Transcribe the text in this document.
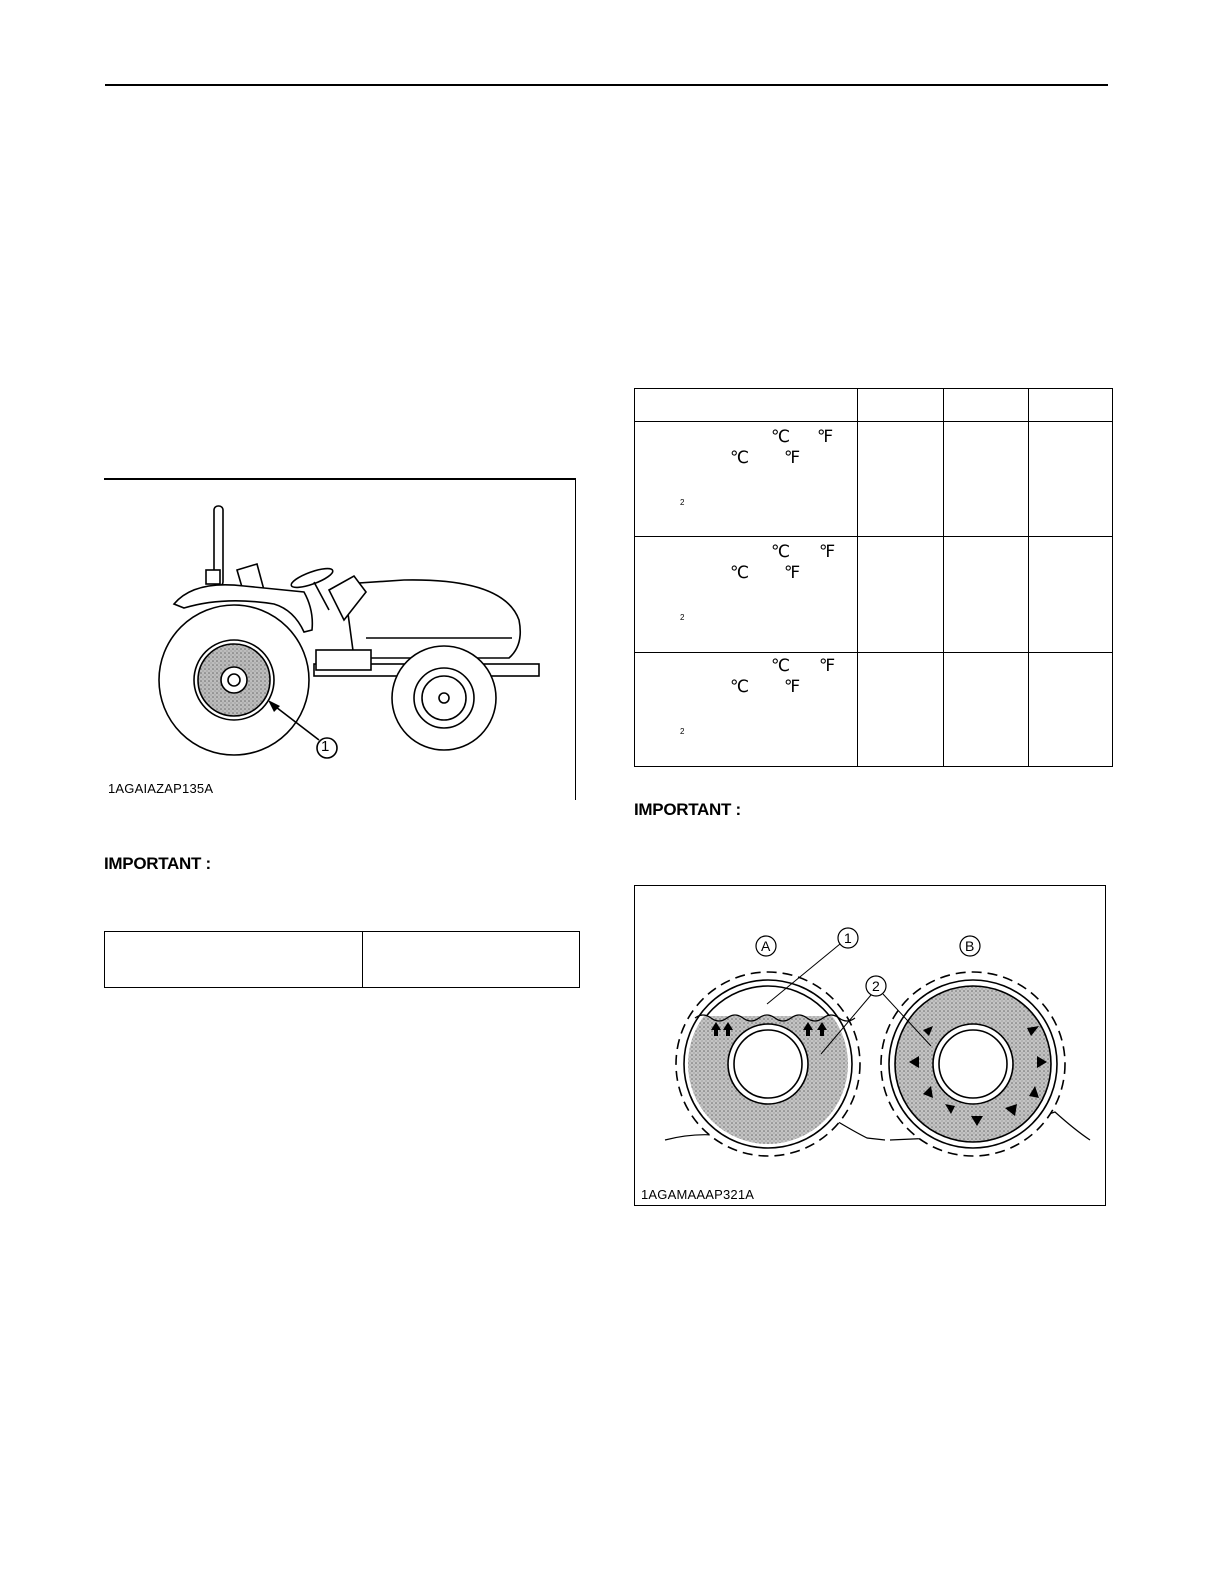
1
1AGAIAZAP135A
IMPORTANT :

℃ ℉
℃ ℉
2			

℃ ℉
℃ ℉
2			

℃ ℉
℃ ℉
2			

IMPORTANT :
A	B
1
2
1AGAMAAAP321A
